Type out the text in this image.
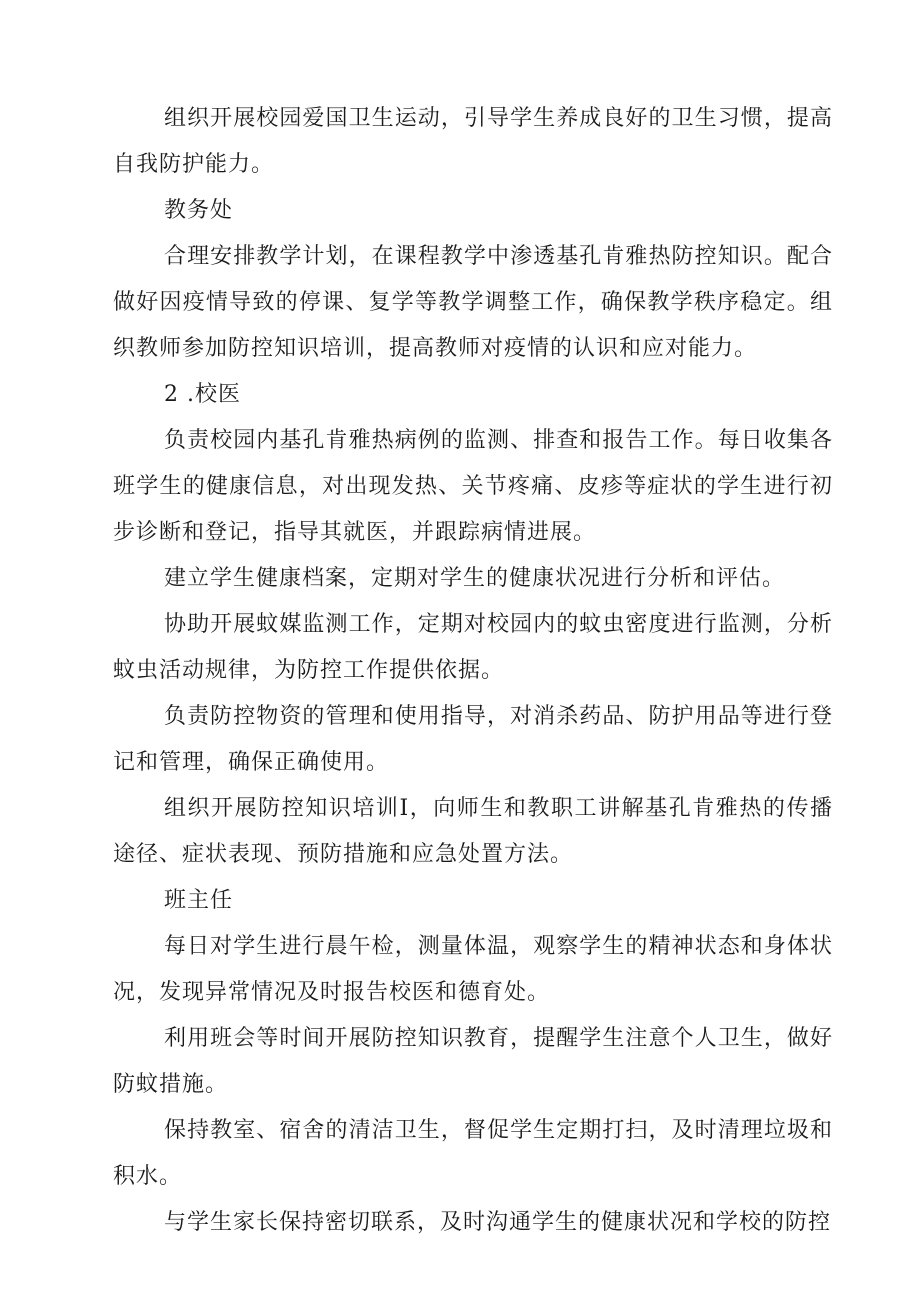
组织开展校园爱国卫生运动，引导学生养成良好的卫生习惯，提高自我防护能力。

教务处

合理安排教学计划，在课程教学中渗透基孔肯雅热防控知识。配合做好因疫情导致的停课、复学等教学调整工作，确保教学秩序稳定。组织教师参加防控知识培训，提高教师对疫情的认识和应对能力。

2 .校医

负责校园内基孔肯雅热病例的监测、排查和报告工作。每日收集各班学生的健康信息，对出现发热、关节疼痛、皮疹等症状的学生进行初步诊断和登记，指导其就医，并跟踪病情进展。

建立学生健康档案，定期对学生的健康状况进行分析和评估。

协助开展蚊媒监测工作，定期对校园内的蚊虫密度进行监测，分析蚊虫活动规律，为防控工作提供依据。

负责防控物资的管理和使用指导，对消杀药品、防护用品等进行登记和管理，确保正确使用。

组织开展防控知识培训I，向师生和教职工讲解基孔肯雅热的传播途径、症状表现、预防措施和应急处置方法。

班主任

每日对学生进行晨午检，测量体温，观察学生的精神状态和身体状况，发现异常情况及时报告校医和德育处。

利用班会等时间开展防控知识教育，提醒学生注意个人卫生，做好防蚊措施。

保持教室、宿舍的清洁卫生，督促学生定期打扫，及时清理垃圾和积水。

与学生家长保持密切联系，及时沟通学生的健康状况和学校的防控
